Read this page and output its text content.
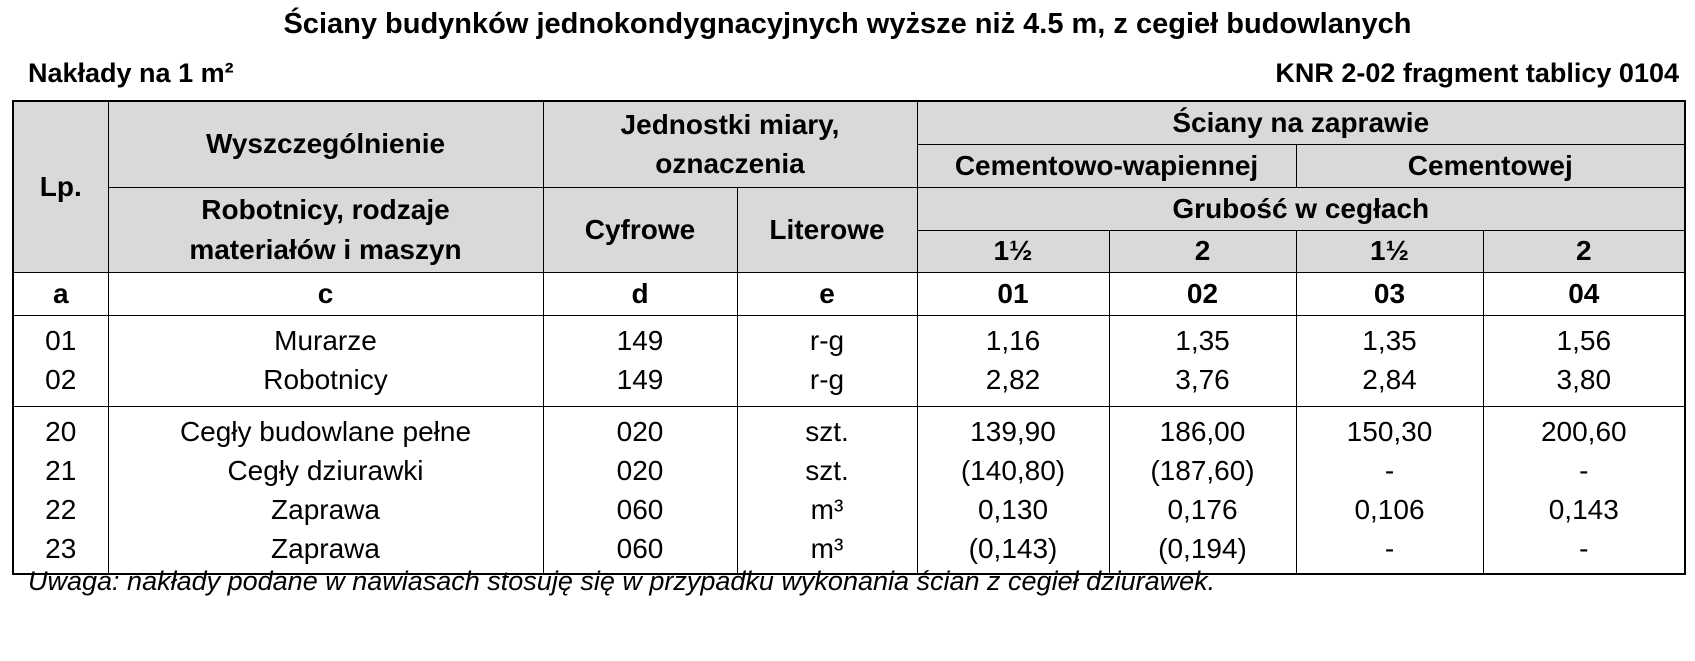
Ściany budynków jednokondygnacyjnych wyższe niż 4.5 m, z cegieł budowlanych
Nakłady na 1 m²	KNR 2-02 fragment tablicy 0104
Lp.	Wyszczególnienie	Jednostki miary, oznaczenia		Ściany na zaprawie			
				Cementowo-wapiennej		Cementowej	
	Robotnicy, rodzaje materiałów i maszyn	Cyfrowe	Literowe	Grubość w cegłach			
				1½	2	1½	2
a	c	d	e	01	02	03	04
01	Murarze	149	r-g	1,16	1,35	1,35	1,56
02	Robotnicy	149	r-g	2,82	3,76	2,84	3,80
20	Cegły budowlane pełne	020	szt.	139,90	186,00	150,30	200,60
21	Cegły dziurawki	020	szt.	(140,80)	(187,60)	-	-
22	Zaprawa	060	m³	0,130	0,176	0,106	0,143
23	Zaprawa	060	m³	(0,143)	(0,194)	-	-
Uwaga: nakłady podane w nawiasach stosuję się w przypadku wykonania ścian z cegieł dziurawek.
